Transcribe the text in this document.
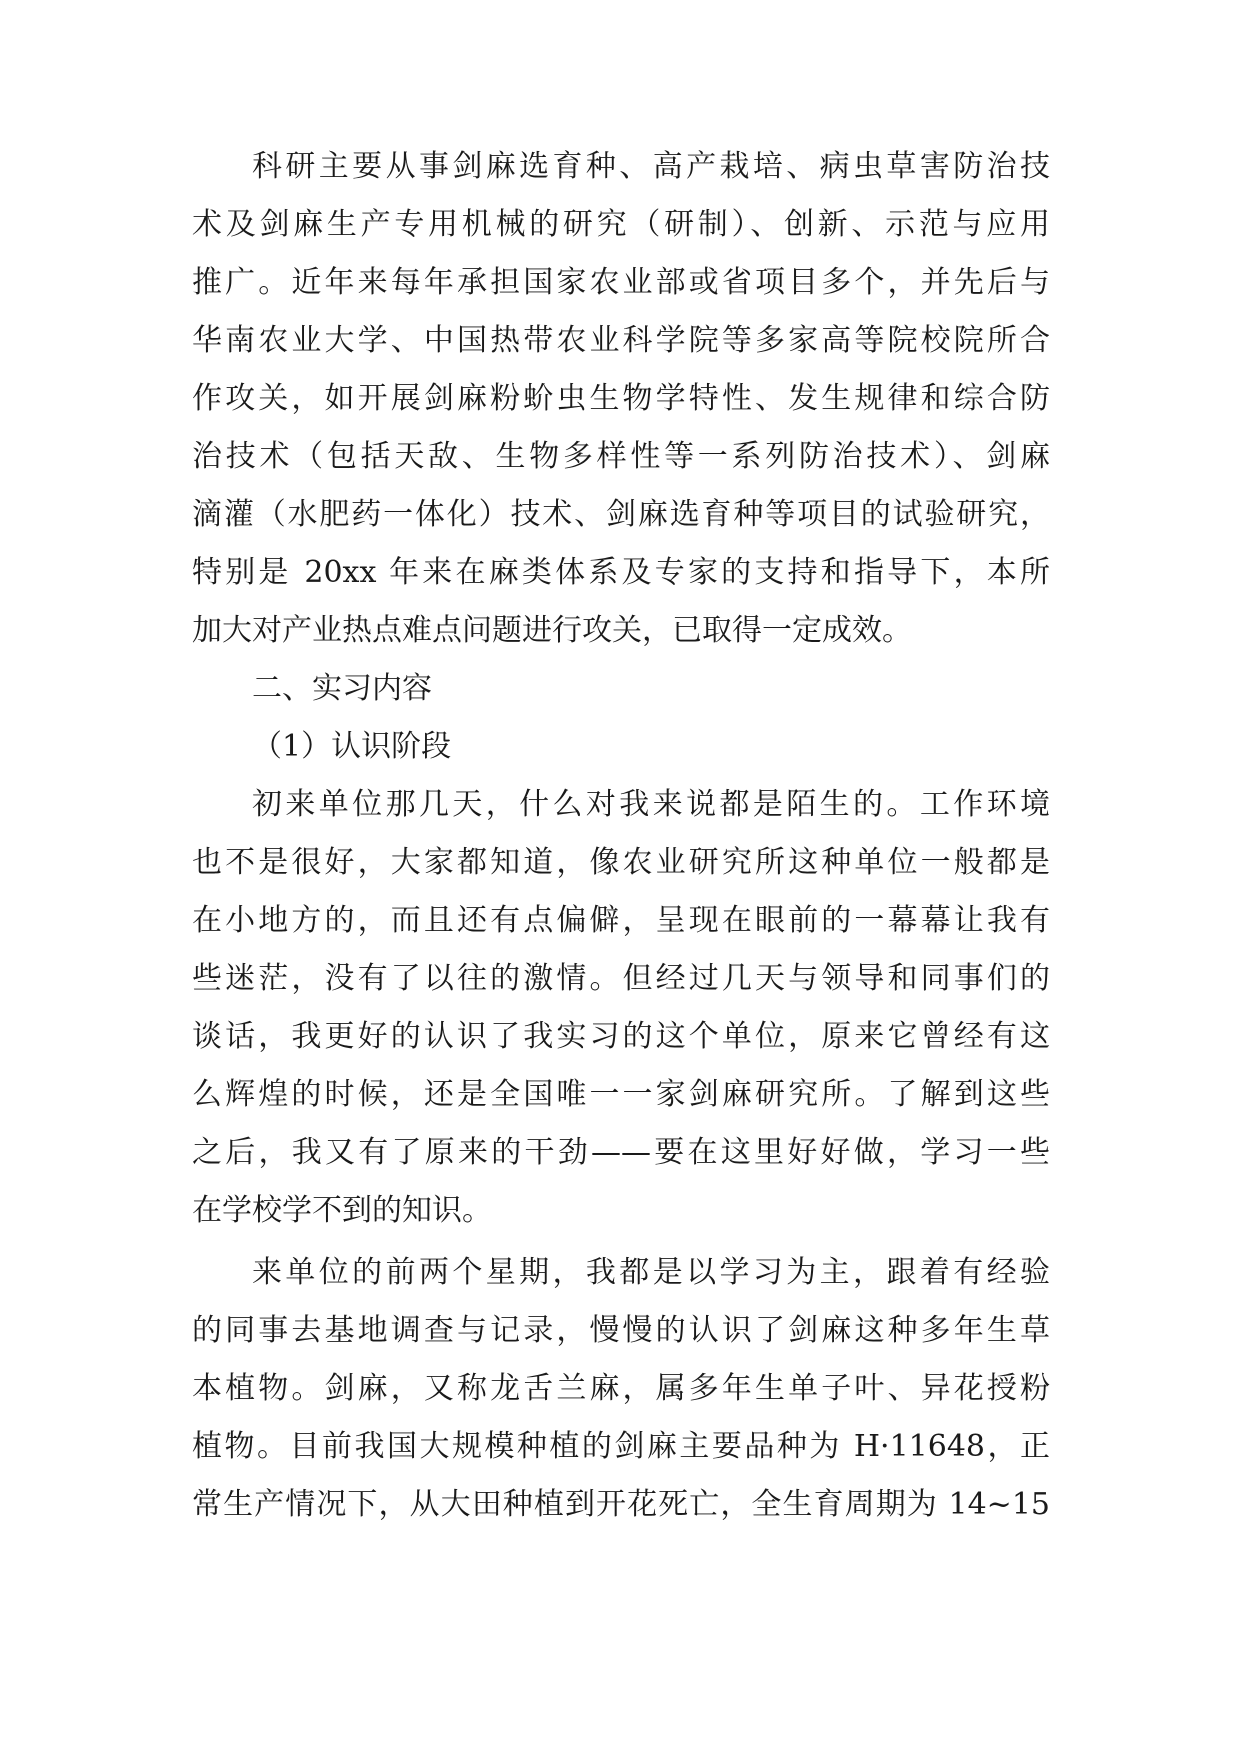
科研主要从事剑麻选育种、高产栽培、病虫草害防治技
术及剑麻生产专用机械的研究（研制）、创新、示范与应用
推广。近年来每年承担国家农业部或省项目多个，并先后与
华南农业大学、中国热带农业科学院等多家高等院校院所合
作攻关，如开展剑麻粉蚧虫生物学特性、发生规律和综合防
治技术（包括天敌、生物多样性等一系列防治技术）、剑麻
滴灌（水肥药一体化）技术、剑麻选育种等项目的试验研究，
特别是 20xx 年来在麻类体系及专家的支持和指导下，本所
加大对产业热点难点问题进行攻关，已取得一定成效。
二、实习内容
（1）认识阶段
初来单位那几天，什么对我来说都是陌生的。工作环境
也不是很好，大家都知道，像农业研究所这种单位一般都是
在小地方的，而且还有点偏僻，呈现在眼前的一幕幕让我有
些迷茫，没有了以往的激情。但经过几天与领导和同事们的
谈话，我更好的认识了我实习的这个单位，原来它曾经有这
么辉煌的时候，还是全国唯一一家剑麻研究所。了解到这些
之后，我又有了原来的干劲——要在这里好好做，学习一些
在学校学不到的知识。
来单位的前两个星期，我都是以学习为主，跟着有经验
的同事去基地调查与记录，慢慢的认识了剑麻这种多年生草
本植物。剑麻，又称龙舌兰麻，属多年生单子叶、异花授粉
植物。目前我国大规模种植的剑麻主要品种为 H·11648，正
常生产情况下，从大田种植到开花死亡，全生育周期为 14~15
